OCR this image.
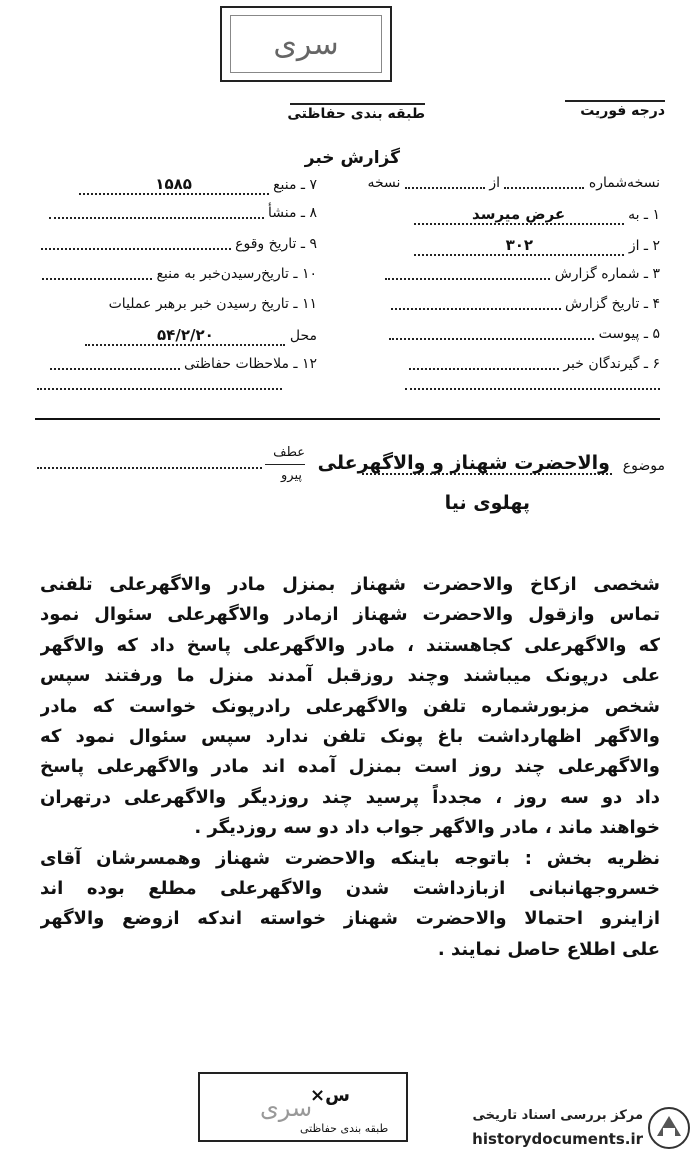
سری
درجه فوریت
طبقه بندی حفاظتی
گزارش خبر
نسخه‌شماره  از  نسخه
۱ ـ به عرض میرسد
۲ ـ از ۳۰۲
۳ ـ شماره گزارش
۴ ـ تاریخ گزارش
۵ ـ پیوست
۶ ـ گیرندگان خبر
۷ ـ منبع ۱۵۸۵
۸ ـ منشأ
۹ ـ تاریخ وقوع
۱۰ ـ تاریخ‌رسیدن‌خبر به منبع
۱۱ ـ تاریخ رسیدن خبر برهبر عملیات
محل ۵۴/۲/۲۰
۱۲ ـ ملاحظات حفاظتی
موضوع
والاحضرت شهناز و والاگهرعلی
پهلوی نیا
عطف
پیرو
شخصی ازکاخ والاحضرت شهناز بمنزل مادر والاگهرعلی تلفنی
تماس وازقول والاحضرت شهناز ازمادر والاگهرعلی سئوال نمود
که والاگهرعلی کجاهستند ، مادر والاگهرعلی پاسخ داد که والاگهر
علی درپونک میباشند وچند روزقبل آمدند منزل ما ورفتند سپس
شخص مزبورشماره تلفن والاگهرعلی رادرپونک خواست که مادر
والاگهر اظهارداشت باغ پونک تلفن ندارد سپس سئوال نمود که
والاگهرعلی چند روز است بمنزل آمده اند مادر والاگهرعلی پاسخ
داد دو سه روز ، مجدداً پرسید چند روزدیگر والاگهرعلی درتهران
خواهند ماند ، مادر والاگهر جواب داد دو سه روزدیگر .
نظریه بخش : باتوجه باینکه والاحضرت شهناز وهمسرشان آقای
خسروجهانبانی ازبازداشت شدن والاگهرعلی مطلع بوده اند
ازاینرو احتمالا والاحضرت شهناز خواسته اندکه ازوضع والاگهر
علی اطلاع حاصل نمایند .
×س
سری
طبقه بندی حفاظتی
مرکز بررسی اسناد تاریخی
historydocuments.ir
